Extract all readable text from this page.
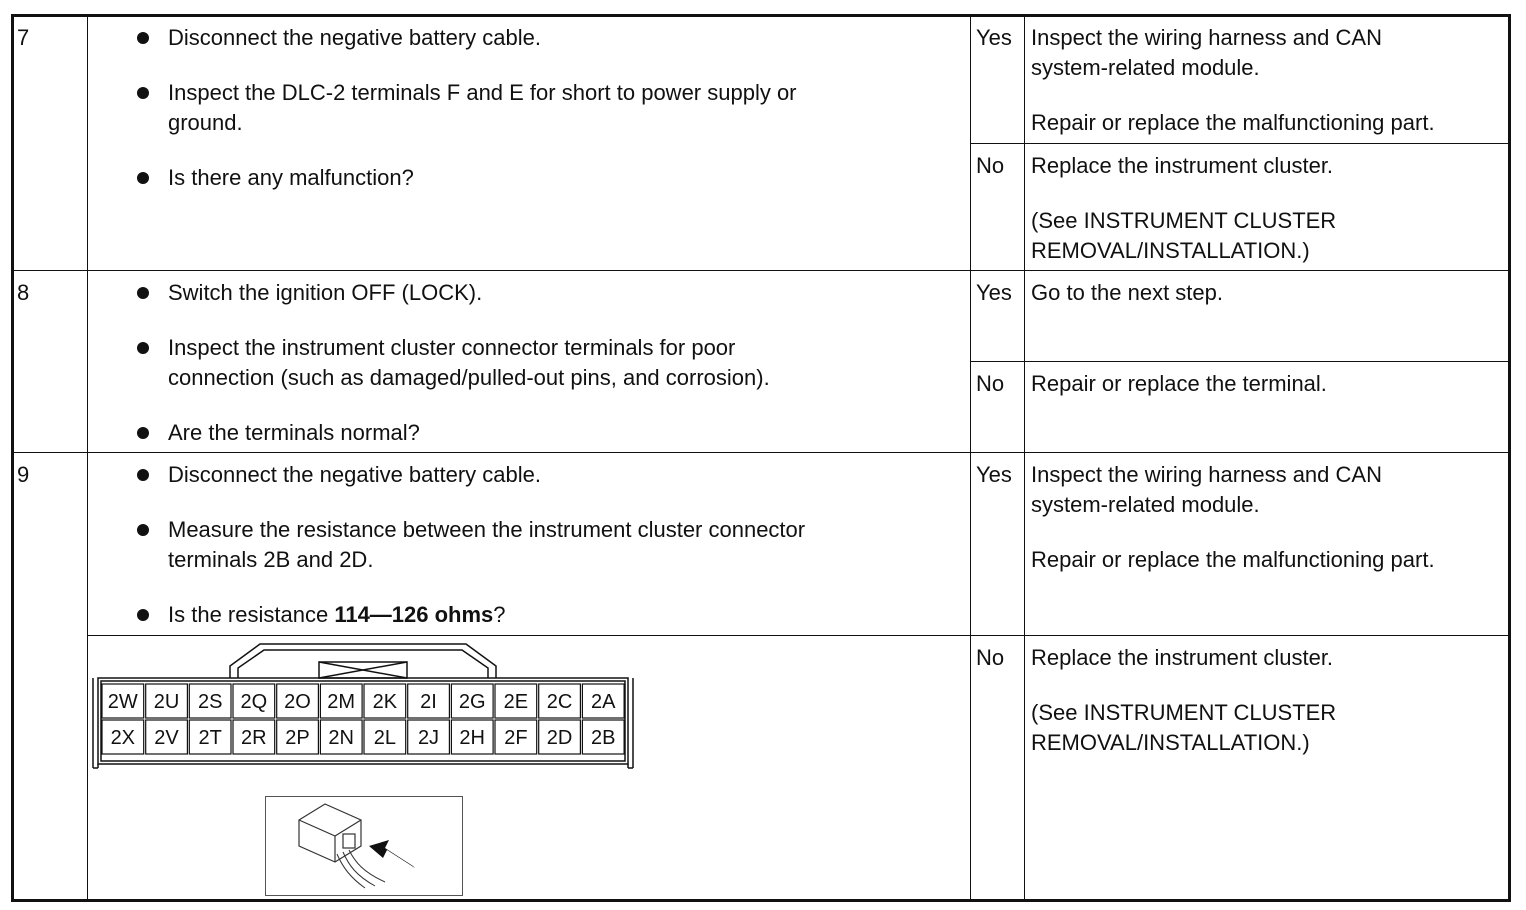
7	Disconnect the negative battery cable.
Inspect the DLC-2 terminals F and E for short to power supply or
ground.
Is there any malfunction?
Yes Inspect the wiring harness and CAN
system-related module.
Repair or replace the malfunctioning part.
No Replace the instrument cluster.
(See INSTRUMENT CLUSTER
REMOVAL/INSTALLATION.)
8	Switch the ignition OFF (LOCK).
Inspect the instrument cluster connector terminals for poor
connection (such as damaged/pulled-out pins, and corrosion).
Are the terminals normal?
Yes Go to the next step.
No Repair or replace the terminal.
9	Disconnect the negative battery cable.
Measure the resistance between the instrument cluster connector
terminals 2B and 2D.
Is the resistance 114—126 ohms?
Yes Inspect the wiring harness and CAN
system-related module.
Repair or replace the malfunctioning part.
No Replace the instrument cluster.
(See INSTRUMENT CLUSTER
REMOVAL/INSTALLATION.)
2W 2U 2S 2Q 2O 2M 2K 2I 2G 2E 2C 2A
2X 2V 2T 2R 2P 2N 2L 2J 2H 2F 2D 2B
